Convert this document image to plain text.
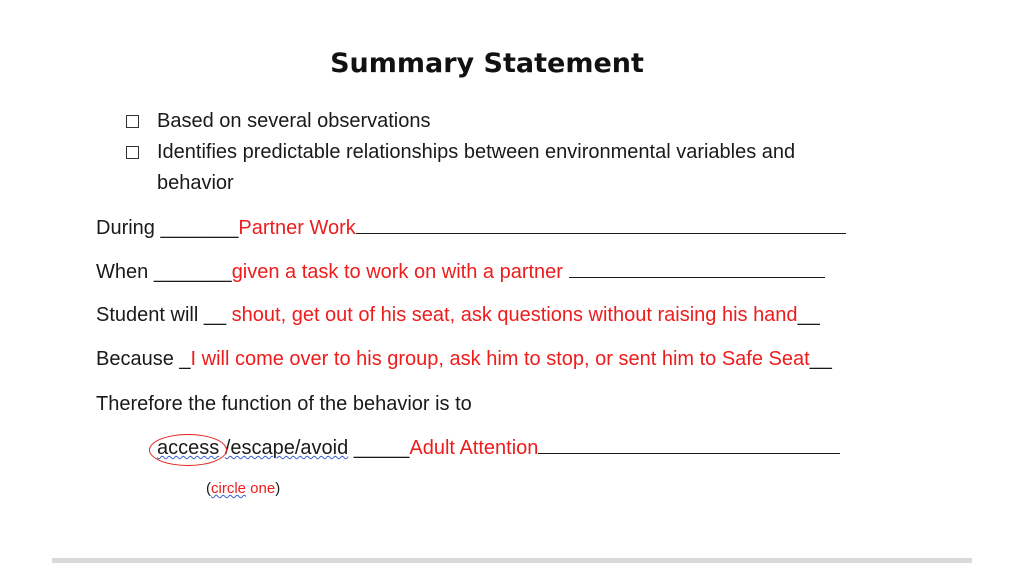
Summary Statement
Based on several observations
Identifies predictable relationships between environmental variables and
behavior
During _______Partner Work
When _______given a task to work on with a partner
Student will __ shout, get out of his seat, ask questions without raising his hand__
Because _I will come over to his group, ask him to stop, or sent him to Safe Seat__
Therefore the function of the behavior is to
access /escape/avoid _____Adult Attention
(circle one)
